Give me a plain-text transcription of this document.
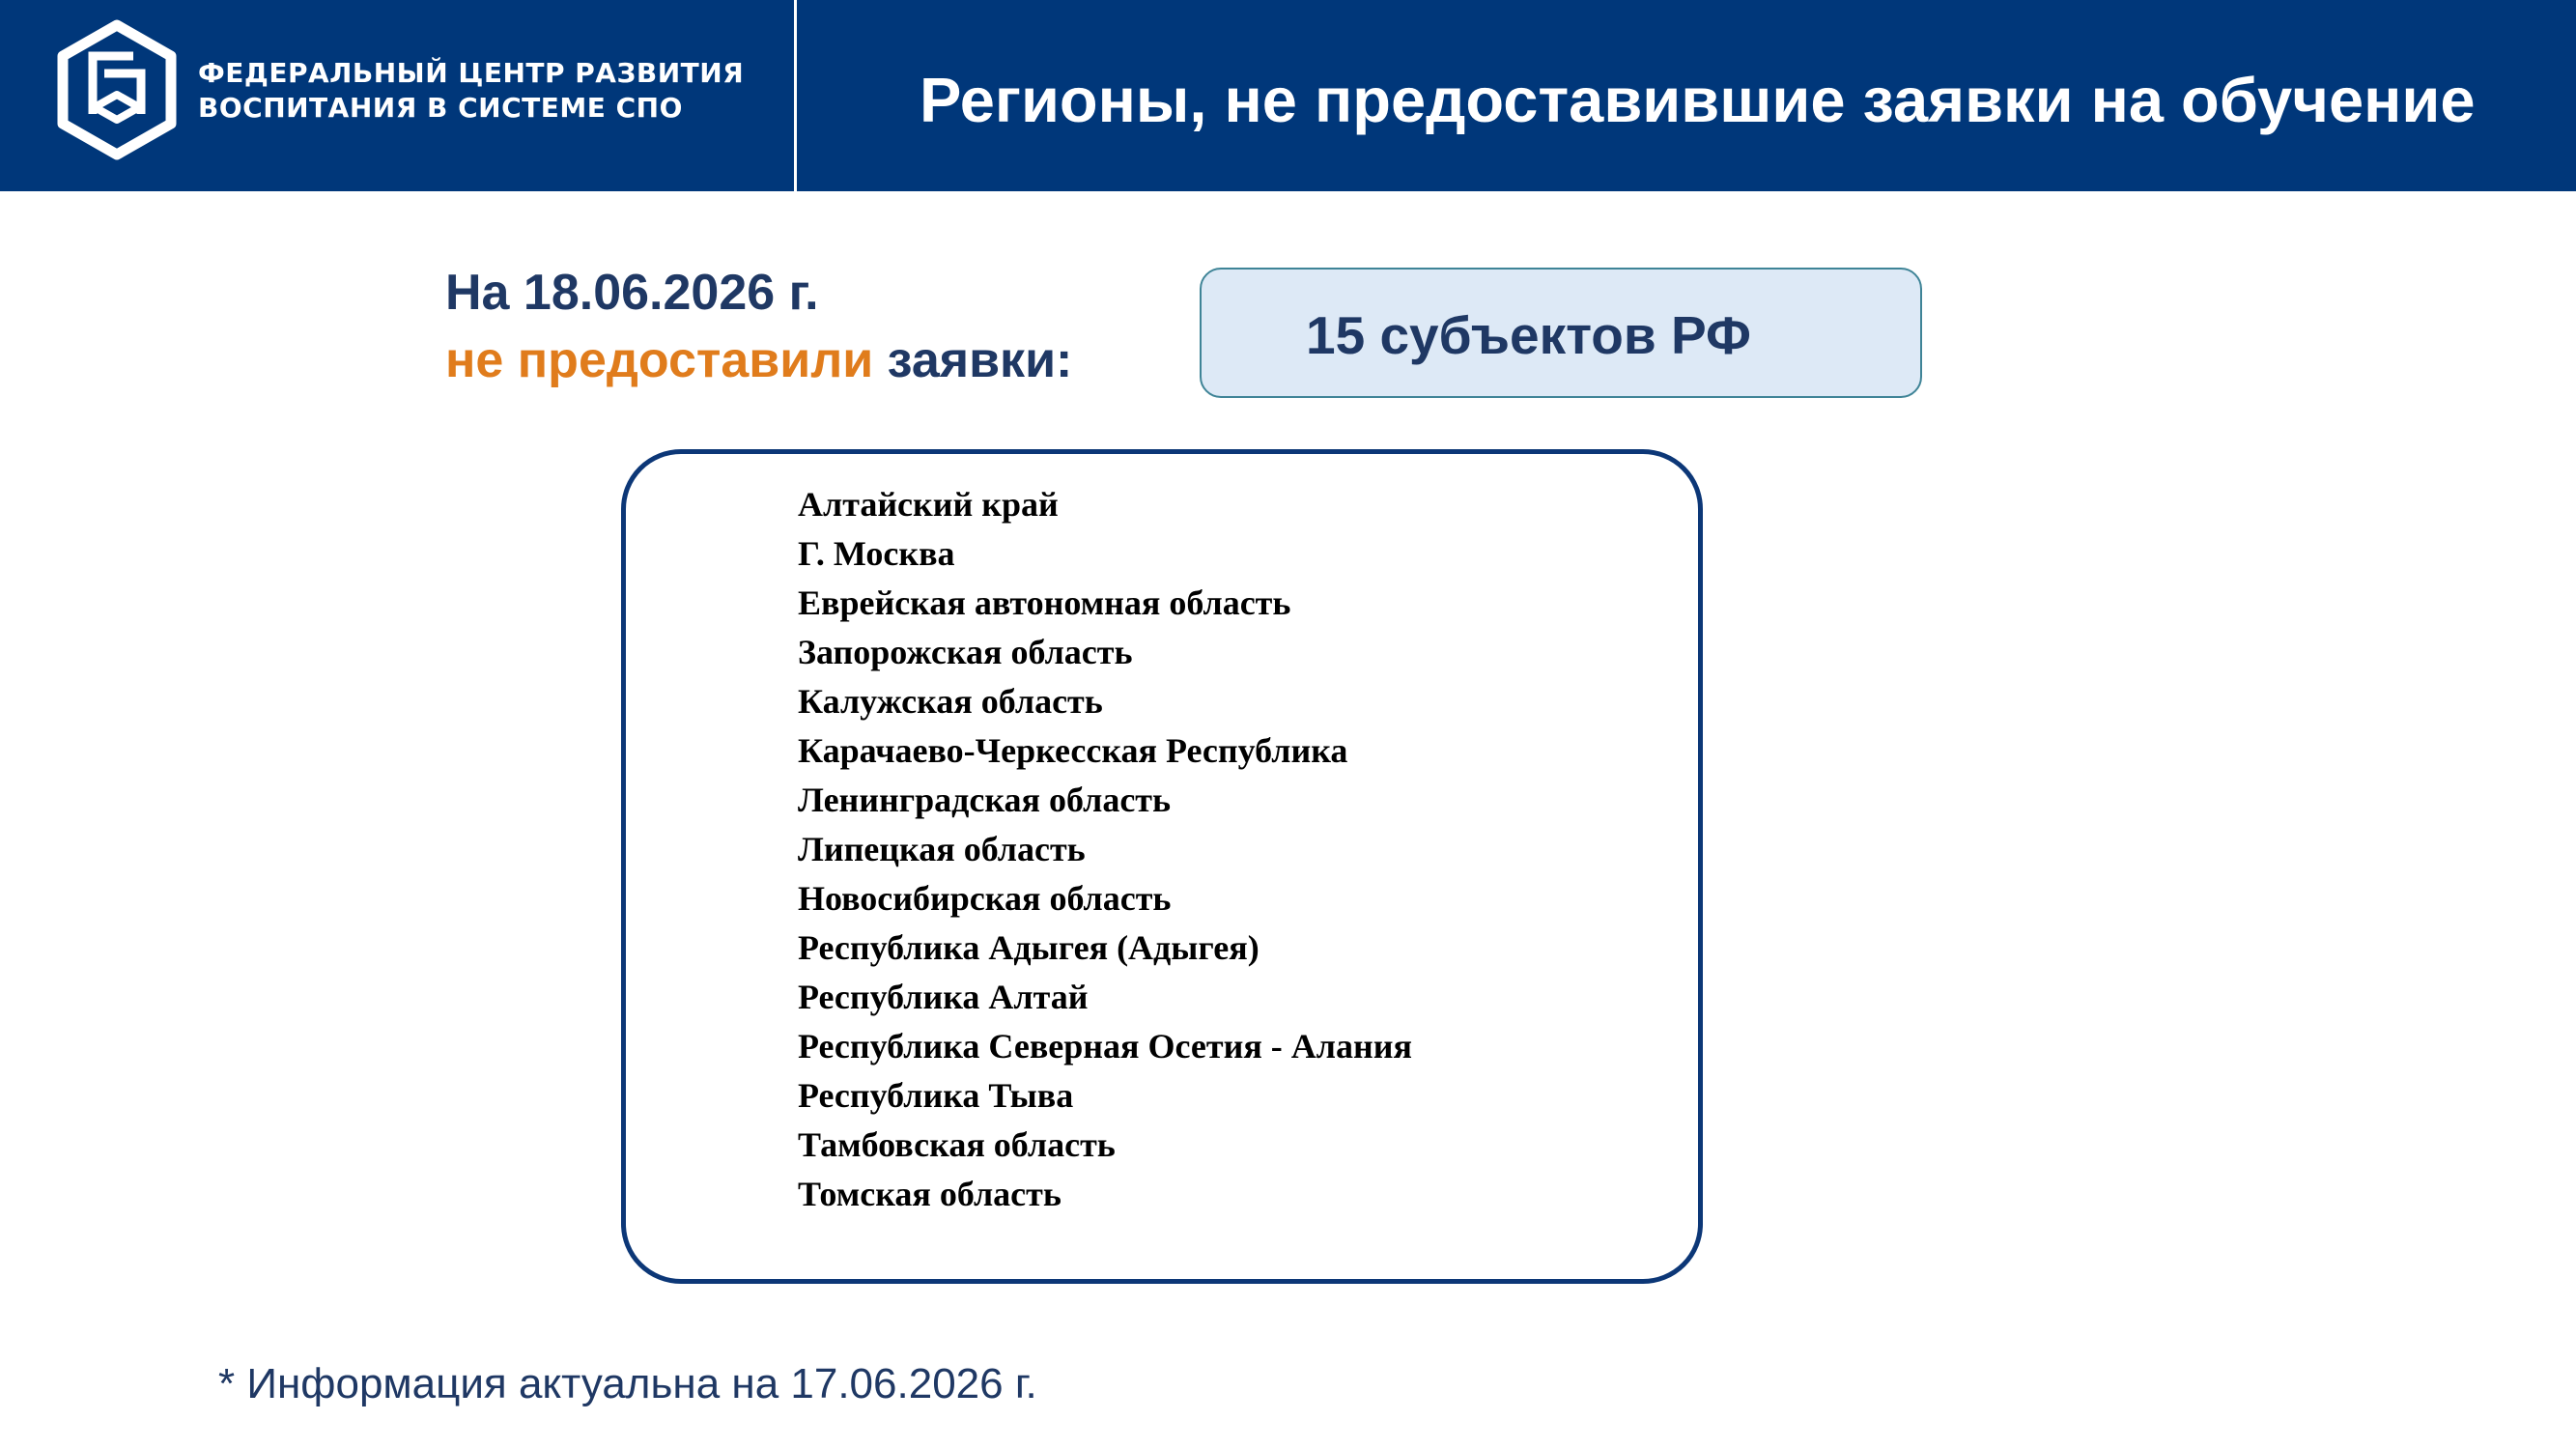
ФЕДЕРАЛЬНЫЙ ЦЕНТР РАЗВИТИЯ
ВОСПИТАНИЯ В СИСТЕМЕ СПО	Регионы, не предоставившие заявки на обучение
На 18.06.2026 г.
не предоставили заявки:	15 субъектов РФ
Алтайский край
Г. Москва
Еврейская автономная область
Запорожская область
Калужская область
Карачаево-Черкесская Республика
Ленинградская область
Липецкая область
Новосибирская область
Республика Адыгея (Адыгея)
Республика Алтай
Республика Северная Осетия - Алания
Республика Тыва
Тамбовская область
Томская область
* Информация актуальна на 17.06.2026 г.
